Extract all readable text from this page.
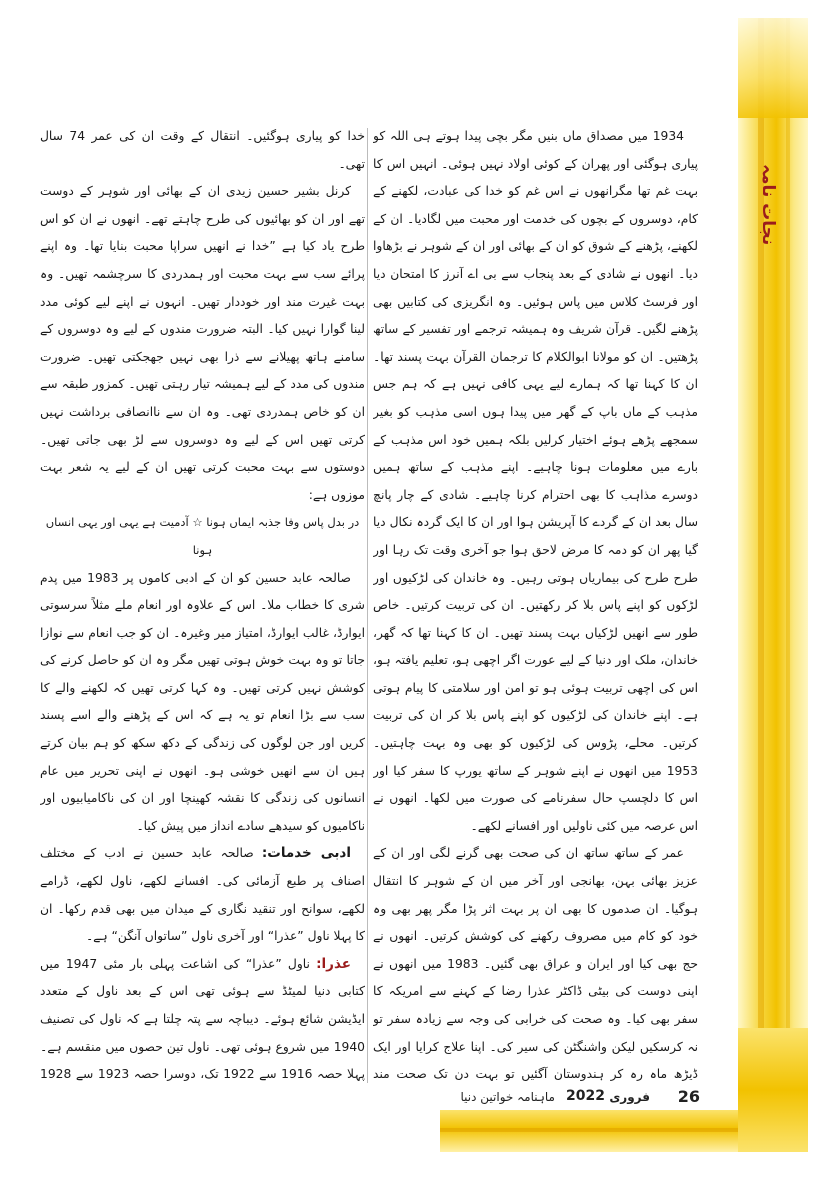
نجات نامہ

1934 میں مصداق ماں بنیں مگر بچی پیدا ہوتے ہی اللہ کو پیاری ہوگئی اور پھران کے کوئی اولاد نہیں ہوئی۔ انہیں اس کا بہت غم تھا مگرانھوں نے اس غم کو خدا کی عبادت، لکھنے کے کام، دوسروں کے بچوں کی خدمت اور محبت میں لگادیا۔ ان کے لکھنے، پڑھنے کے شوق کو ان کے بھائی اور ان کے شوہر نے بڑھاوا دیا۔ انھوں نے شادی کے بعد پنجاب سے بی اے آنرز کا امتحان دیا اور فرسٹ کلاس میں پاس ہوئیں۔ وہ انگریزی کی کتابیں بھی پڑھنے لگیں۔ قرآن شریف وہ ہمیشہ ترجمے اور تفسیر کے ساتھ پڑھتیں۔ ان کو مولانا ابوالکلام کا ترجمان القرآن بہت پسند تھا۔ ان کا کہنا تھا کہ ہمارے لیے یہی کافی نہیں ہے کہ ہم جس مذہب کے ماں باپ کے گھر میں پیدا ہوں اسی مذہب کو بغیر سمجھے پڑھے ہوئے اختیار کرلیں بلکہ ہمیں خود اس مذہب کے بارے میں معلومات ہونا چاہیے۔ اپنے مذہب کے ساتھ ہمیں دوسرے مذاہب کا بھی احترام کرنا چاہیے۔ شادی کے چار پانچ سال بعد ان کے گردے کا آپریشن ہوا اور ان کا ایک گردہ نکال دیا گیا پھر ان کو دمہ کا مرض لاحق ہوا جو آخری وقت تک رہا اور طرح طرح کی بیماریاں ہوتی رہیں۔ وہ خاندان کی لڑکیوں اور لڑکوں کو اپنے پاس بلا کر رکھتیں۔ ان کی تربیت کرتیں۔ خاص طور سے انھیں لڑکیاں بہت پسند تھیں۔ ان کا کہنا تھا کہ گھر، خاندان، ملک اور دنیا کے لیے عورت اگر اچھی ہو، تعلیم یافتہ ہو، اس کی اچھی تربیت ہوئی ہو تو امن اور سلامتی کا پیام ہوتی ہے۔ اپنے خاندان کی لڑکیوں کو اپنے پاس بلا کر ان کی تربیت کرتیں۔ محلے، پڑوس کی لڑکیوں کو بھی وہ بہت چاہتیں۔ 1953 میں انھوں نے اپنے شوہر کے ساتھ یورپ کا سفر کیا اور اس کا دلچسپ حال سفرنامے کی صورت میں لکھا۔ انھوں نے اس عرصہ میں کئی ناولیں اور افسانے لکھے۔

عمر کے ساتھ ساتھ ان کی صحت بھی گرنے لگی اور ان کے عزیز بھائی بہن، بھانجی اور آخر میں ان کے شوہر کا انتقال ہوگیا۔ ان صدموں کا بھی ان پر بہت اثر پڑا مگر پھر بھی وہ خود کو کام میں مصروف رکھنے کی کوشش کرتیں۔ انھوں نے حج بھی کیا اور ایران و عراق بھی گئیں۔ 1983 میں انھوں نے اپنی دوست کی بیٹی ڈاکٹر عذرا رضا کے کہنے سے امریکہ کا سفر بھی کیا۔ وہ صحت کی خرابی کی وجہ سے زیادہ سفر تو نہ کرسکیں لیکن واشنگٹن کی سیر کی۔ اپنا علاج کرایا اور ایک ڈیڑھ ماہ رہ کر ہندوستان آگئیں تو بہت دن تک صحت مند

خدا کو پیاری ہوگئیں۔ انتقال کے وقت ان کی عمر 74 سال تھی۔

کرنل بشیر حسین زیدی ان کے بھائی اور شوہر کے دوست تھے اور ان کو بھائیوں کی طرح چاہتے تھے۔ انھوں نے ان کو اس طرح یاد کیا ہے ”خدا نے انھیں سراپا محبت بنایا تھا۔ وہ اپنے پرائے سب سے بہت محبت اور ہمدردی کا سرچشمہ تھیں۔ وہ بہت غیرت مند اور خوددار تھیں۔ انہوں نے اپنے لیے کوئی مدد لینا گوارا نہیں کیا۔ البتہ ضرورت مندوں کے لیے وہ دوسروں کے سامنے ہاتھ پھیلانے سے ذرا بھی نہیں جھجکتی تھیں۔ ضرورت مندوں کی مدد کے لیے ہمیشہ تیار رہتی تھیں۔ کمزور طبقہ سے ان کو خاص ہمدردی تھی۔ وہ ان سے ناانصافی برداشت نہیں کرتی تھیں اس کے لیے وہ دوسروں سے لڑ بھی جاتی تھیں۔ دوستوں سے بہت محبت کرتی تھیں ان کے لیے یہ شعر بہت موزوں ہے:

در بدل پاس وفا جذبہ ایماں ہونا ☆ آدمیت ہے یہی اور یہی انساں ہونا

صالحہ عابد حسین کو ان کے ادبی کاموں پر 1983 میں پدم شری کا خطاب ملا۔ اس کے علاوہ اور انعام ملے مثلاً سرسوتی ایوارڈ، غالب ایوارڈ، امتیاز میر وغیرہ۔ ان کو جب انعام سے نوازا جاتا تو وہ بہت خوش ہوتی تھیں مگر وہ ان کو حاصل کرنے کی کوشش نہیں کرتی تھیں۔ وہ کہا کرتی تھیں کہ لکھنے والے کا سب سے بڑا انعام تو یہ ہے کہ اس کے پڑھنے والے اسے پسند کریں اور جن لوگوں کی زندگی کے دکھ سکھ کو ہم بیان کرتے ہیں ان سے انھیں خوشی ہو۔ انھوں نے اپنی تحریر میں عام انسانوں کی زندگی کا نقشہ کھینچا اور ان کی ناکامیابیوں اور ناکامیوں کو سیدھے سادے انداز میں پیش کیا۔

ادبی خدمات: صالحہ عابد حسین نے ادب کے مختلف اصناف پر طبع آزمائی کی۔ افسانے لکھے، ناول لکھے، ڈرامے لکھے، سوانح اور تنقید نگاری کے میدان میں بھی قدم رکھا۔ ان کا پہلا ناول ”عذرا“ اور آخری ناول ”ساتواں آنگن“ ہے۔

عذرا: ناول ”عذرا“ کی اشاعت پہلی بار مئی 1947 میں کتابی دنیا لمیٹڈ سے ہوئی تھی اس کے بعد ناول کے متعدد ایڈیشن شائع ہوئے۔ دیباچہ سے پتہ چلتا ہے کہ ناول کی تصنیف 1940 میں شروع ہوئی تھی۔ ناول تین حصوں میں منقسم ہے۔ پہلا حصہ 1916 سے 1922 تک، دوسرا حصہ 1923 سے 1928

26
فروری
2022
ماہنامہ خواتین دنیا
